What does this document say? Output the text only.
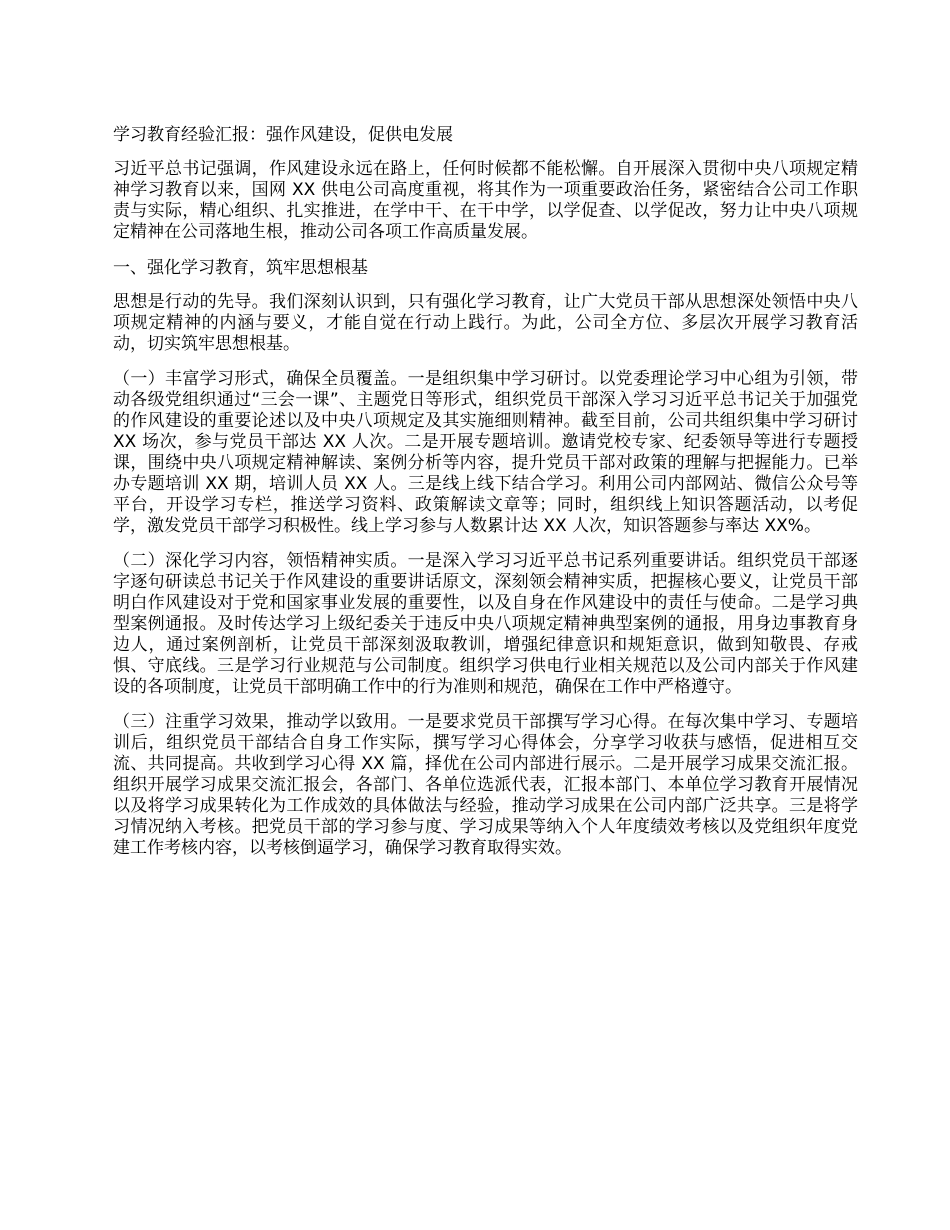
学习教育经验汇报：强作风建设，促供电发展

习近平总书记强调，作风建设永远在路上，任何时候都不能松懈。自开展深入贯彻中央八项规定精神学习教育以来，国网 XX 供电公司高度重视，将其作为一项重要政治任务，紧密结合公司工作职责与实际，精心组织、扎实推进，在学中干、在干中学，以学促查、以学促改，努力让中央八项规定精神在公司落地生根，推动公司各项工作高质量发展。

一、强化学习教育，筑牢思想根基

思想是行动的先导。我们深刻认识到，只有强化学习教育，让广大党员干部从思想深处领悟中央八项规定精神的内涵与要义，才能自觉在行动上践行。为此，公司全方位、多层次开展学习教育活动，切实筑牢思想根基。

（一）丰富学习形式，确保全员覆盖。一是组织集中学习研讨。以党委理论学习中心组为引领，带动各级党组织通过“三会一课”、主题党日等形式，组织党员干部深入学习习近平总书记关于加强党的作风建设的重要论述以及中央八项规定及其实施细则精神。截至目前，公司共组织集中学习研讨 XX 场次，参与党员干部达 XX 人次。二是开展专题培训。邀请党校专家、纪委领导等进行专题授课，围绕中央八项规定精神解读、案例分析等内容，提升党员干部对政策的理解与把握能力。已举办专题培训 XX 期，培训人员 XX 人。三是线上线下结合学习。利用公司内部网站、微信公众号等平台，开设学习专栏，推送学习资料、政策解读文章等；同时，组织线上知识答题活动，以考促学，激发党员干部学习积极性。线上学习参与人数累计达 XX 人次，知识答题参与率达 XX%。

（二）深化学习内容，领悟精神实质。一是深入学习习近平总书记系列重要讲话。组织党员干部逐字逐句研读总书记关于作风建设的重要讲话原文，深刻领会精神实质，把握核心要义，让党员干部明白作风建设对于党和国家事业发展的重要性，以及自身在作风建设中的责任与使命。二是学习典型案例通报。及时传达学习上级纪委关于违反中央八项规定精神典型案例的通报，用身边事教育身边人，通过案例剖析，让党员干部深刻汲取教训，增强纪律意识和规矩意识，做到知敬畏、存戒惧、守底线。三是学习行业规范与公司制度。组织学习供电行业相关规范以及公司内部关于作风建设的各项制度，让党员干部明确工作中的行为准则和规范，确保在工作中严格遵守。

（三）注重学习效果，推动学以致用。一是要求党员干部撰写学习心得。在每次集中学习、专题培训后，组织党员干部结合自身工作实际，撰写学习心得体会，分享学习收获与感悟，促进相互交流、共同提高。共收到学习心得 XX 篇，择优在公司内部进行展示。二是开展学习成果交流汇报。组织开展学习成果交流汇报会，各部门、各单位选派代表，汇报本部门、本单位学习教育开展情况以及将学习成果转化为工作成效的具体做法与经验，推动学习成果在公司内部广泛共享。三是将学习情况纳入考核。把党员干部的学习参与度、学习成果等纳入个人年度绩效考核以及党组织年度党建工作考核内容，以考核倒逼学习，确保学习教育取得实效。
